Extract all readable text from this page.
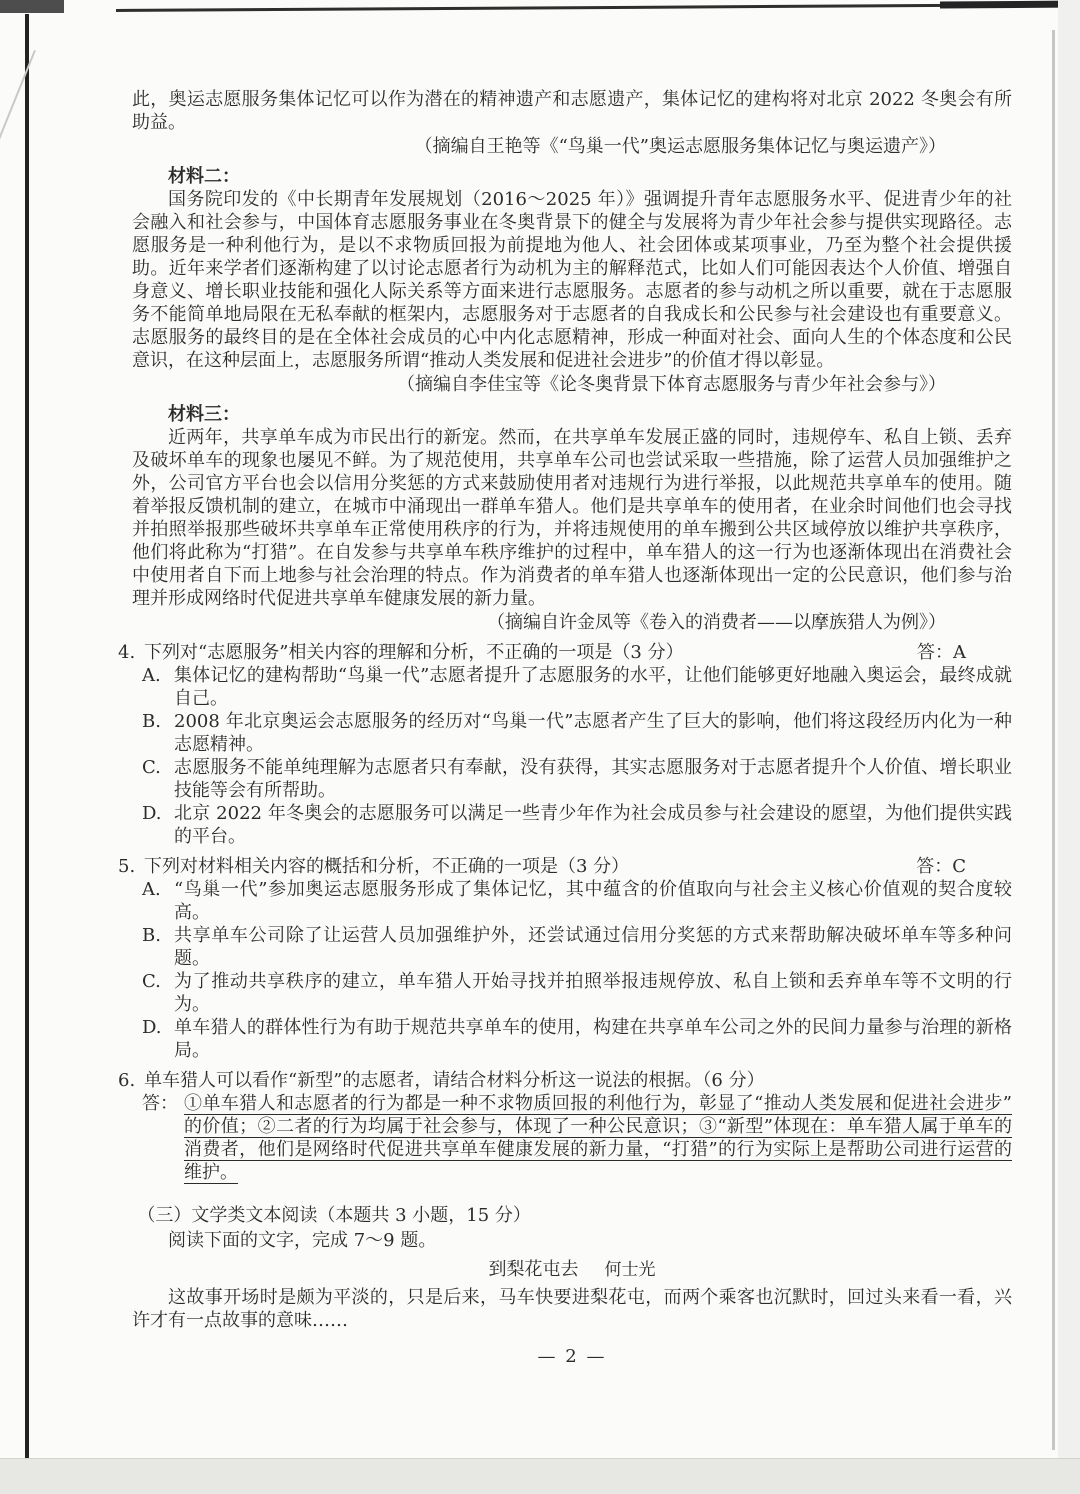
此，奥运志愿服务集体记忆可以作为潜在的精神遗产和志愿遗产，集体记忆的建构将对北京 2022 冬奥会有所助益。

（摘编自王艳等《“鸟巢一代”奥运志愿服务集体记忆与奥运遗产》）

材料二：

国务院印发的《中长期青年发展规划（2016～2025 年）》强调提升青年志愿服务水平、促进青少年的社会融入和社会参与，中国体育志愿服务事业在冬奥背景下的健全与发展将为青少年社会参与提供实现路径。志愿服务是一种利他行为，是以不求物质回报为前提地为他人、社会团体或某项事业，乃至为整个社会提供援助。近年来学者们逐渐构建了以讨论志愿者行为动机为主的解释范式，比如人们可能因表达个人价值、增强自身意义、增长职业技能和强化人际关系等方面来进行志愿服务。志愿者的参与动机之所以重要，就在于志愿服务不能简单地局限在无私奉献的框架内，志愿服务对于志愿者的自我成长和公民参与社会建设也有重要意义。志愿服务的最终目的是在全体社会成员的心中内化志愿精神，形成一种面对社会、面向人生的个体态度和公民意识，在这种层面上，志愿服务所谓“推动人类发展和促进社会进步”的价值才得以彰显。

（摘编自李佳宝等《论冬奥背景下体育志愿服务与青少年社会参与》）

材料三：

近两年，共享单车成为市民出行的新宠。然而，在共享单车发展正盛的同时，违规停车、私自上锁、丢弃及破坏单车的现象也屡见不鲜。为了规范使用，共享单车公司也尝试采取一些措施，除了运营人员加强维护之外，公司官方平台也会以信用分奖惩的方式来鼓励使用者对违规行为进行举报，以此规范共享单车的使用。随着举报反馈机制的建立，在城市中涌现出一群单车猎人。他们是共享单车的使用者，在业余时间他们也会寻找并拍照举报那些破坏共享单车正常使用秩序的行为，并将违规使用的单车搬到公共区域停放以维护共享秩序，他们将此称为“打猎”。在自发参与共享单车秩序维护的过程中，单车猎人的这一行为也逐渐体现出在消费社会中使用者自下而上地参与社会治理的特点。作为消费者的单车猎人也逐渐体现出一定的公民意识，他们参与治理并形成网络时代促进共享单车健康发展的新力量。

（摘编自许金凤等《卷入的消费者——以摩族猎人为例》）

4. 下列对“志愿服务”相关内容的理解和分析，不正确的一项是（3 分）	答：A
A. 集体记忆的建构帮助“鸟巢一代”志愿者提升了志愿服务的水平，让他们能够更好地融入奥运会，最终成就自己。
B. 2008 年北京奥运会志愿服务的经历对“鸟巢一代”志愿者产生了巨大的影响，他们将这段经历内化为一种志愿精神。
C. 志愿服务不能单纯理解为志愿者只有奉献，没有获得，其实志愿服务对于志愿者提升个人价值、增长职业技能等会有所帮助。
D. 北京 2022 年冬奥会的志愿服务可以满足一些青少年作为社会成员参与社会建设的愿望，为他们提供实践的平台。
5. 下列对材料相关内容的概括和分析，不正确的一项是（3 分）	答：C
A. “鸟巢一代”参加奥运志愿服务形成了集体记忆，其中蕴含的价值取向与社会主义核心价值观的契合度较高。
B. 共享单车公司除了让运营人员加强维护外，还尝试通过信用分奖惩的方式来帮助解决破坏单车等多种问题。
C. 为了推动共享秩序的建立，单车猎人开始寻找并拍照举报违规停放、私自上锁和丢弃单车等不文明的行为。
D. 单车猎人的群体性行为有助于规范共享单车的使用，构建在共享单车公司之外的民间力量参与治理的新格局。
6. 单车猎人可以看作“新型”的志愿者，请结合材料分析这一说法的根据。（6 分）
答： ①单车猎人和志愿者的行为都是一种不求物质回报的利他行为，彰显了“推动人类发展和促进社会进步”的价值；②二者的行为均属于社会参与，体现了一种公民意识；③“新型”体现在：单车猎人属于单车的消费者，他们是网络时代促进共享单车健康发展的新力量，“打猎”的行为实际上是帮助公司进行运营的维护。

（三）文学类文本阅读（本题共 3 小题，15 分）

阅读下面的文字，完成 7～9 题。

到梨花屯去 何士光

这故事开场时是颇为平淡的，只是后来，马车快要进梨花屯，而两个乘客也沉默时，回过头来看一看，兴许才有一点故事的意味……

— 2 —
